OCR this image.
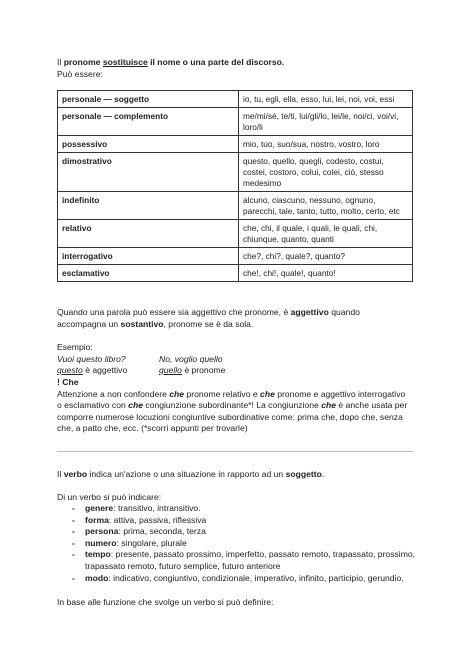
Il pronome sostituisce il nome o una parte del discorso.
Può essere:
personale — soggetto	io, tu, egli, ella, esso, lui, lei, noi, voi, essi
personale — complemento	me/mi/sé, te/ti, lui/gli/lo, lei/le, noi/ci, voi/vi, loro/li
possessivo	mio, tuo, suo/sua, nostro, vostro, loro
dimostrativo	questo, quello, quegli, codesto, costui, costei, costoro, colui, colei, ciò, stesso medesimo
indefinito	alcuno, ciascuno, nessuno, ognuno, parecchi, tale, tanto, tutto, molto, certo, etc
relativo	che, chi, il quale, i quali, le quali, chi, chiunque, quanto, quanti
interrogativo	che?, chi?, quale?, quanto?
esclamativo	che!, chi!, quale!, quanto!
Quando una parola può essere sia aggettivo che pronome, è aggettivo quando
accompagna un sostantivo, pronome se è da sola.
Esempio:
Vuoi questo libro?	No, voglio quello
questo è aggettivo	quello è pronome
! Che
Attenzione a non confondere che pronome relativo e che pronome e aggettivo interrogativo
o esclamativo con che congiunzione subordinante*! La congiunzione che è anche usata per
comporre numerose locuzioni congiuntive subordinative come: prima che, dopo che, senza
che, a patto che, ecc. (*scorri appunti per trovarle)
Il verbo indica un'azione o una situazione in rapporto ad un soggetto.
Di un verbo si può indicare:
- genere: transitivo, intransitivo.
- forma: attiva, passiva, riflessiva
- persona: prima, seconda, terza
- numero: singolare, plurale
- tempo: presente, passato prossimo, imperfetto, passato remoto, trapassato, prossimo, trapassato remoto, futuro semplice, futuro anteriore
- modo: indicativo, congiuntivo, condizionale, imperativo, infinito, participio, gerundio.
In base alle funzione che svolge un verbo si può definire:
